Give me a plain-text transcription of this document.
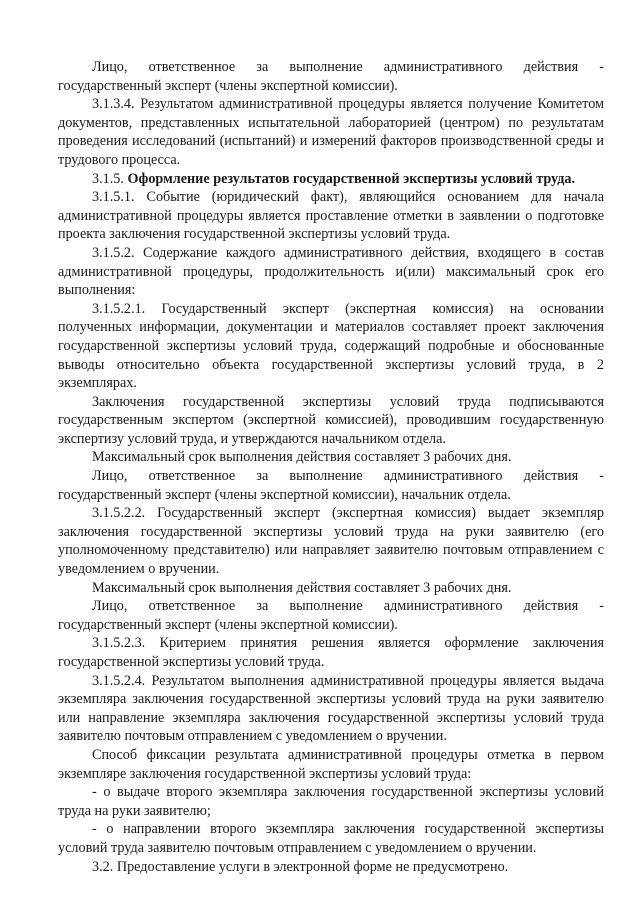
Лицо, ответственное за выполнение административного действия - государственный эксперт (члены экспертной комиссии).

3.1.3.4. Результатом административной процедуры является получение Комитетом документов, представленных испытательной лабораторией (центром) по результатам проведения исследований (испытаний) и измерений факторов производственной среды и трудового процесса.

3.1.5. Оформление результатов государственной экспертизы условий труда.

3.1.5.1. Событие (юридический факт), являющийся основанием для начала административной процедуры является проставление отметки в заявлении о подготовке проекта заключения государственной экспертизы условий труда.

3.1.5.2. Содержание каждого административного действия, входящего в состав административной процедуры, продолжительность и(или) максимальный срок его выполнения:

3.1.5.2.1. Государственный эксперт (экспертная комиссия) на основании полученных информации, документации и материалов составляет проект заключения государственной экспертизы условий труда, содержащий подробные и обоснованные выводы относительно объекта государственной экспертизы условий труда, в 2 экземплярах.

Заключения государственной экспертизы условий труда подписываются государственным экспертом (экспертной комиссией), проводившим государственную экспертизу условий труда, и утверждаются начальником отдела.

Максимальный срок выполнения действия составляет 3 рабочих дня.

Лицо, ответственное за выполнение административного действия - государственный эксперт (члены экспертной комиссии), начальник отдела.

3.1.5.2.2. Государственный эксперт (экспертная комиссия) выдает экземпляр заключения государственной экспертизы условий труда на руки заявителю (его уполномоченному представителю) или направляет заявителю почтовым отправлением с уведомлением о вручении.

Максимальный срок выполнения действия составляет 3 рабочих дня.

Лицо, ответственное за выполнение административного действия - государственный эксперт (члены экспертной комиссии).

3.1.5.2.3. Критерием принятия решения является оформление заключения государственной экспертизы условий труда.

3.1.5.2.4. Результатом выполнения административной процедуры является выдача экземпляра заключения государственной экспертизы условий труда на руки заявителю или направление экземпляра заключения государственной экспертизы условий труда заявителю почтовым отправлением с уведомлением о вручении.

Способ фиксации результата административной процедуры отметка в первом экземпляре заключения государственной экспертизы условий труда:

- о выдаче второго экземпляра заключения государственной экспертизы условий труда на руки заявителю;

- о направлении второго экземпляра заключения государственной экспертизы условий труда заявителю почтовым отправлением с уведомлением о вручении.

3.2. Предоставление услуги в электронной форме не предусмотрено.
